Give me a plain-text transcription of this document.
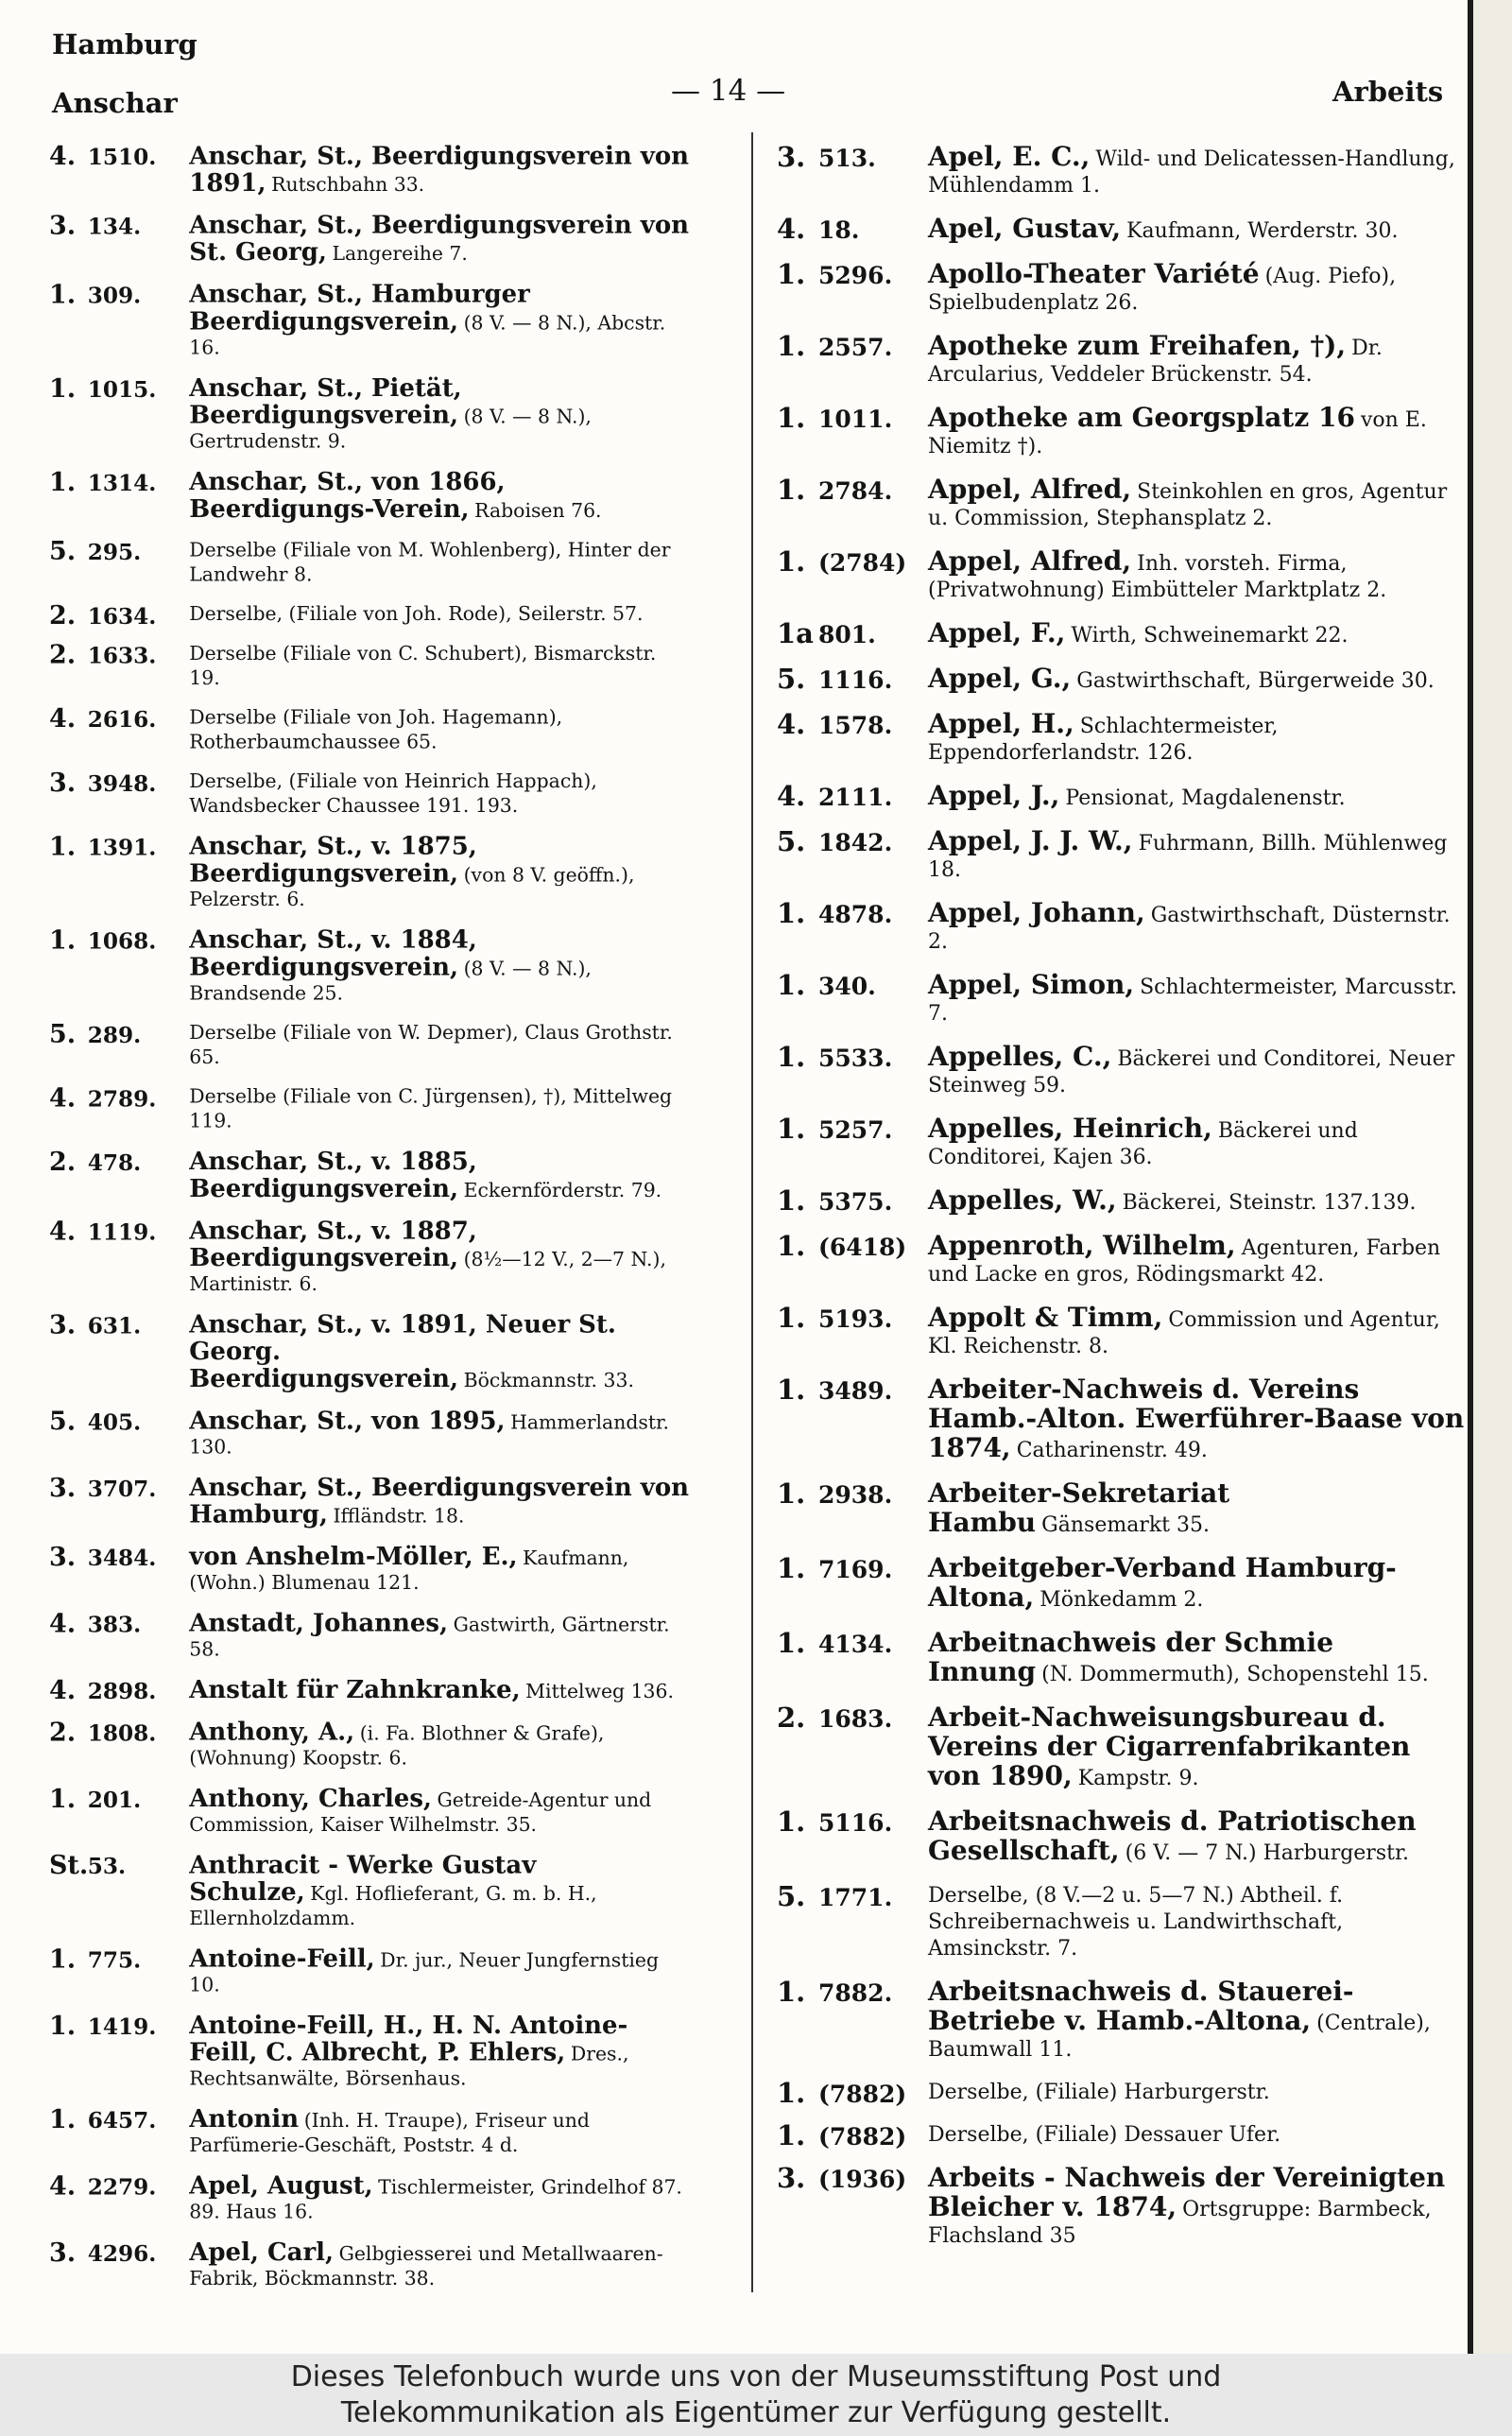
Hamburg
Anschar	— 14 —	Arbeits
4. 1510.	Anschar, St., Beerdigungsverein von 1891, Rutschbahn 33.
3. 134.	Anschar, St., Beerdigungsverein von St. Georg, Langereihe 7.
1. 309.	Anschar, St., Hamburger Beerdigungsverein, (8 V. — 8 N.), Abcstr. 16.
1. 1015.	Anschar, St., Pietät, Beerdigungsverein, (8 V. — 8 N.), Gertrudenstr. 9.
1. 1314.	Anschar, St., von 1866, Beerdigungs-Verein, Raboisen 76.
5. 295.	Derselbe (Filiale von M. Wohlenberg), Hinter der Landwehr 8.
2. 1634.	Derselbe, (Filiale von Joh. Rode), Seilerstr. 57.
2. 1633.	Derselbe (Filiale von C. Schubert), Bismarckstr. 19.
4. 2616.	Derselbe (Filiale von Joh. Hagemann), Rotherbaumchaussee 65.
3. 3948.	Derselbe, (Filiale von Heinrich Happach), Wandsbecker Chaussee 191. 193.
1. 1391.	Anschar, St., v. 1875, Beerdigungsverein, (von 8 V. geöffn.), Pelzerstr. 6.
1. 1068.	Anschar, St., v. 1884, Beerdigungsverein, (8 V. — 8 N.), Brandsende 25.
5. 289.	Derselbe (Filiale von W. Depmer), Claus Grothstr. 65.
4. 2789.	Derselbe (Filiale von C. Jürgensen), †), Mittelweg 119.
2. 478.	Anschar, St., v. 1885, Beerdigungsverein, Eckernförderstr. 79.
4. 1119.	Anschar, St., v. 1887, Beerdigungsverein, (8½—12 V., 2—7 N.), Martinistr. 6.
3. 631.	Anschar, St., v. 1891, Neuer St. Georg. Beerdigungsverein, Böckmannstr. 33.
5. 405.	Anschar, St., von 1895, Hammerlandstr. 130.
3. 3707.	Anschar, St., Beerdigungsverein von Hamburg, Iffländstr. 18.
3. 3484.	von Anshelm-Möller, E., Kaufmann, (Wohn.) Blumenau 121.
4. 383.	Anstadt, Johannes, Gastwirth, Gärtnerstr. 58.
4. 2898.	Anstalt für Zahnkranke, Mittelweg 136.
2. 1808.	Anthony, A., (i. Fa. Blothner & Grafe), (Wohnung) Koopstr. 6.
1. 201.	Anthony, Charles, Getreide-Agentur und Commission, Kaiser Wilhelmstr. 35.
St.53.	Anthracit - Werke Gustav Schulze, Kgl. Hoflieferant, G. m. b. H., Ellernholzdamm.
1. 775.	Antoine-Feill, Dr. jur., Neuer Jungfernstieg 10.
1. 1419.	Antoine-Feill, H., H. N. Antoine-Feill, C. Albrecht, P. Ehlers, Dres., Rechtsanwälte, Börsenhaus.
1. 6457.	Antonin (Inh. H. Traupe), Friseur und Parfümerie-Geschäft, Poststr. 4 d.
4. 2279.	Apel, August, Tischlermeister, Grindelhof 87. 89. Haus 16.
3. 4296.	Apel, Carl, Gelbgiesserei und Metallwaaren-Fabrik, Böckmannstr. 38.
3. 513.	Apel, E. C., Wild- und Delicatessen-Handlung, Mühlendamm 1.
4. 18.	Apel, Gustav, Kaufmann, Werderstr. 30.
1. 5296.	Apollo-Theater Variété (Aug. Piefo), Spielbudenplatz 26.
1. 2557.	Apotheke zum Freihafen, †), Dr. Arcularius, Veddeler Brückenstr. 54.
1. 1011.	Apotheke am Georgsplatz 16 von E. Niemitz †).
1. 2784.	Appel, Alfred, Steinkohlen en gros, Agentur u. Commission, Stephansplatz 2.
1. (2784) Appel, Alfred, Inh. vorsteh. Firma, (Privatwohnung) Eimbütteler Marktplatz 2.
1a 801.	Appel, F., Wirth, Schweinemarkt 22.
5. 1116.	Appel, G., Gastwirthschaft, Bürgerweide 30.
4. 1578.	Appel, H., Schlachtermeister, Eppendorferlandstr. 126.
4. 2111.	Appel, J., Pensionat, Magdalenenstr.
5. 1842.	Appel, J. J. W., Fuhrmann, Billh. Mühlenweg 18.
1. 4878.	Appel, Johann, Gastwirthschaft, Düsternstr. 2.
1. 340.	Appel, Simon, Schlachtermeister, Marcusstr. 7.
1. 5533.	Appelles, C., Bäckerei und Conditorei, Neuer Steinweg 59.
1. 5257.	Appelles, Heinrich, Bäckerei und Conditorei, Kajen 36.
1. 5375.	Appelles, W., Bäckerei, Steinstr. 137.139.
1. (6418) Appenroth, Wilhelm, Agenturen, Farben und Lacke en gros, Rödingsmarkt 42.
1. 5193.	Appolt & Timm, Commission und Agentur, Kl. Reichenstr. 8.
1. 3489.	Arbeiter-Nachweis d. Vereins Hamb.-Alton. Ewerführer-Baase von 1874, Catharinenstr. 49.
1. 2938.	Arbeiter-Sekretariat Hambu Gänsemarkt 35.
1. 7169.	Arbeitgeber-Verband Hamburg-Altona, Mönkedamm 2.
1. 4134.	Arbeitnachweis der Schmie Innung (N. Dommermuth), Schopenstehl 15.
2. 1683.	Arbeit-Nachweisungsbureau d. Vereins der Cigarrenfabrikanten von 1890, Kampstr. 9.
1. 5116.	Arbeitsnachweis d. Patriotischen Gesellschaft, (6 V. — 7 N.) Harburgerstr.
5. 1771.	Derselbe, (8 V.—2 u. 5—7 N.) Abtheil. f. Schreibernachweis u. Landwirthschaft, Amsinckstr. 7.
1. 7882.	Arbeitsnachweis d. Stauerei-Betriebe v. Hamb.-Altona, (Centrale), Baumwall 11.
1. (7882)	Derselbe, (Filiale) Harburgerstr.
1. (7882)	Derselbe, (Filiale) Dessauer Ufer.
3. (1936) Arbeits - Nachweis der Vereinigten Bleicher v. 1874, Ortsgruppe: Barmbeck, Flachsland 35

Dieses Telefonbuch wurde uns von der Museumsstiftung Post und

Telekommunikation als Eigentümer zur Verfügung gestellt.
